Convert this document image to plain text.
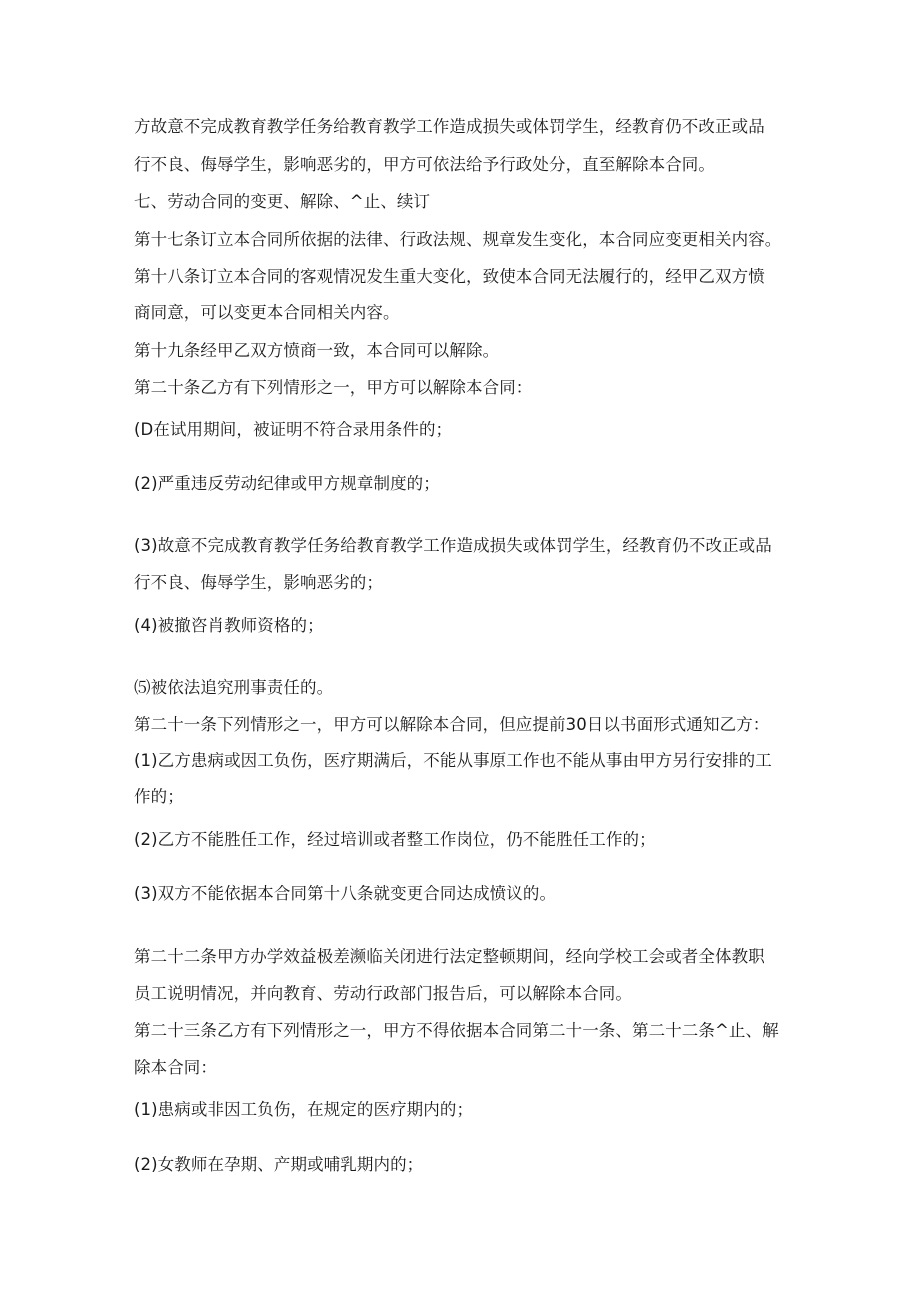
方故意不完成教育教学任务给教育教学工作造成损失或体罚学生，经教育仍不改正或品

行不良、侮辱学生，影响恶劣的，甲方可依法给予行政处分，直至解除本合同。

七、劳动合同的变更、解除、^止、续订

第十七条订立本合同所依据的法律、行政法规、规章发生变化，本合同应变更相关内容。

第十八条订立本合同的客观情况发生重大变化，致使本合同无法履行的，经甲乙双方愤

商同意，可以变更本合同相关内容。

第十九条经甲乙双方愤商一致，本合同可以解除。

第二十条乙方有下列情形之一，甲方可以解除本合同：

(D在试用期间，被证明不符合录用条件的；

(2)严重违反劳动纪律或甲方规章制度的；

(3)故意不完成教育教学任务给教育教学工作造成损失或体罚学生，经教育仍不改正或品

行不良、侮辱学生，影响恶劣的；

(4)被撤咨肖教师资格的；

⑸被依法追究刑事责任的。

第二十一条下列情形之一，甲方可以解除本合同，但应提前30日以书面形式通知乙方：

(1)乙方患病或因工负伤，医疗期满后，不能从事原工作也不能从事由甲方另行安排的工

作的；

(2)乙方不能胜任工作，经过培训或者整工作岗位，仍不能胜任工作的；

(3)双方不能依据本合同第十八条就变更合同达成愤议的。

第二十二条甲方办学效益极差濒临关闭进行法定整顿期间，经向学校工会或者全体教职

员工说明情况，并向教育、劳动行政部门报告后，可以解除本合同。

第二十三条乙方有下列情形之一，甲方不得依据本合同第二十一条、第二十二条^止、解

除本合同：

(1)患病或非因工负伤，在规定的医疗期内的；

(2)女教师在孕期、产期或哺乳期内的；
